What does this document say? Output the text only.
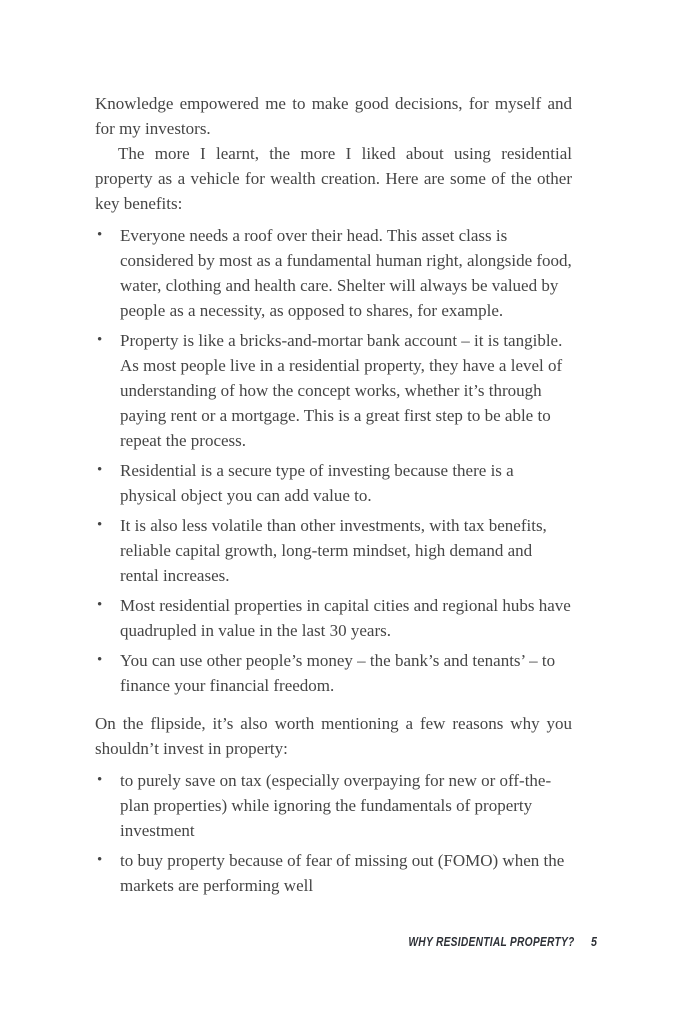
Knowledge empowered me to make good decisions, for myself and for my investors.

The more I learnt, the more I liked about using residential property as a vehicle for wealth creation. Here are some of the other key benefits:

• Everyone needs a roof over their head. This asset class is considered by most as a fundamental human right, alongside food, water, clothing and health care. Shelter will always be valued by people as a necessity, as opposed to shares, for example.
• Property is like a bricks-and-mortar bank account – it is tangible. As most people live in a residential property, they have a level of understanding of how the concept works, whether it’s through paying rent or a mortgage. This is a great first step to be able to repeat the process.
• Residential is a secure type of investing because there is a physical object you can add value to.
• It is also less volatile than other investments, with tax benefits, reliable capital growth, long-term mindset, high demand and rental increases.
• Most residential properties in capital cities and regional hubs have quadrupled in value in the last 30 years.
• You can use other people’s money – the bank’s and tenants’ – to finance your financial freedom.

On the flipside, it’s also worth mentioning a few reasons why you shouldn’t invest in property:

• to purely save on tax (especially overpaying for new or off-the-plan properties) while ignoring the fundamentals of property investment
• to buy property because of fear of missing out (FOMO) when the markets are performing well
WHY RESIDENTIAL PROPERTY? 5
